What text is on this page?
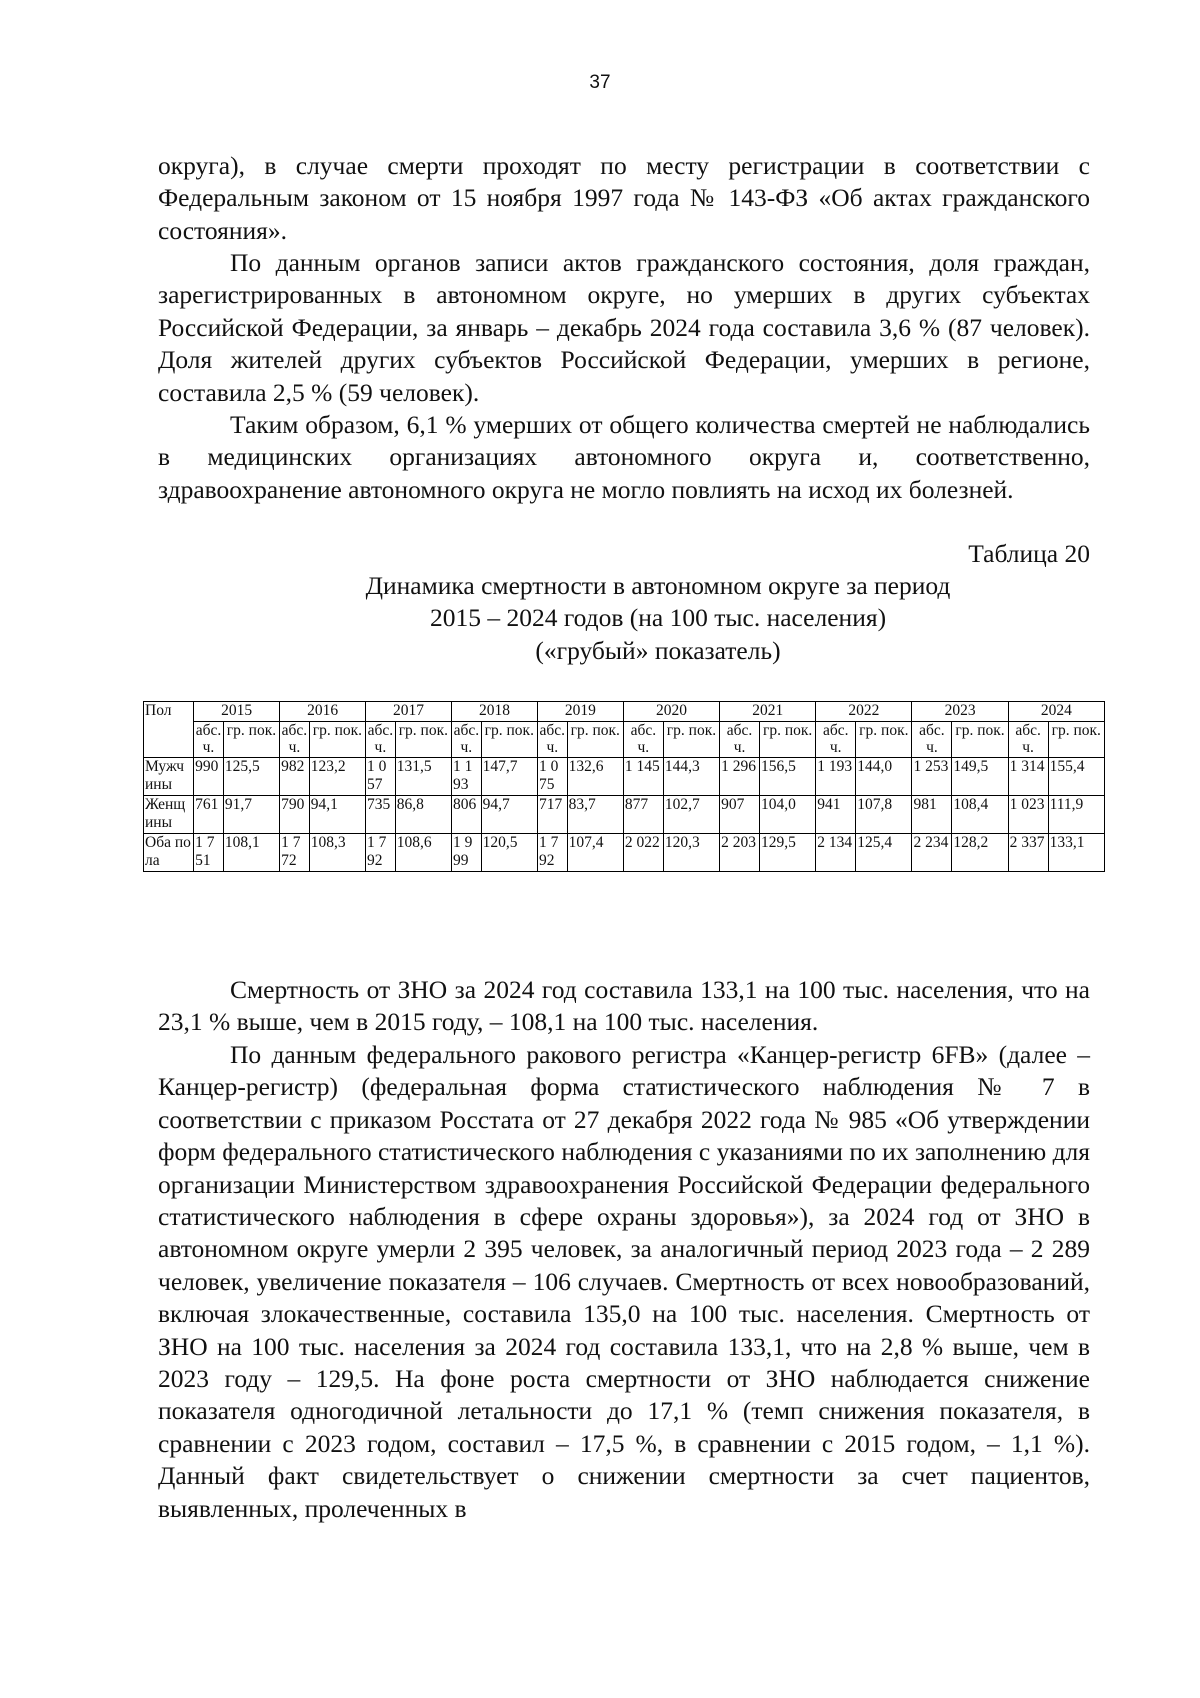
37

округа), в случае смерти проходят по месту регистрации в соответствии с Федеральным законом от 15 ноября 1997 года № 143-ФЗ «Об актах гражданского состояния».

По данным органов записи актов гражданского состояния, доля граждан, зарегистрированных в автономном округе, но умерших в других субъектах Российской Федерации, за январь – декабрь 2024 года составила 3,6 % (87 человек). Доля жителей других субъектов Российской Федерации, умерших в регионе, составила 2,5 % (59 человек).

Таким образом, 6,1 % умерших от общего количества смертей не наблюдались в медицинских организациях автономного округа и, соответственно, здравоохранение автономного округа не могло повлиять на исход их болезней.

Таблица 20

Динамика смертности в автономном округе за период
2015 – 2024 годов (на 100 тыс. населения)
(«грубый» показатель)
Пол	2015		2016		2017		2018		2019		2020		2021		2022		2023		2024	
	абс. ч.	гр. пок.	абс. ч.	гр. пок.	абс. ч.	гр. пок.	абс. ч.	гр. пок.	абс. ч.	гр. пок.	абс. ч.	гр. пок.	абс. ч.	гр. пок.	абс. ч.	гр. пок.	абс. ч.	гр. пок.	абс. ч.	гр. пок.
Мужчины	990	125,5	982	123,2	1 057	131,5	1 193	147,7	1 075	132,6	1 145	144,3	1 296	156,5	1 193	144,0	1 253	149,5	1 314	155,4
Женщины	761	91,7	790	94,1	735	86,8	806	94,7	717	83,7	877	102,7	907	104,0	941	107,8	981	108,4	1 023	111,9
Оба пола	1 751	108,1	1 772	108,3	1 792	108,6	1 999	120,5	1 792	107,4	2 022	120,3	2 203	129,5	2 134	125,4	2 234	128,2	2 337	133,1

Смертность от ЗНО за 2024 год составила 133,1 на 100 тыс. населения, что на 23,1 % выше, чем в 2015 году, – 108,1 на 100 тыс. населения.

По данным федерального ракового регистра «Канцер-регистр 6FB» (далее – Канцер-регистр) (федеральная форма статистического наблюдения № 7 в соответствии с приказом Росстата от 27 декабря 2022 года № 985 «Об утверждении форм федерального статистического наблюдения с указаниями по их заполнению для организации Министерством здравоохранения Российской Федерации федерального статистического наблюдения в сфере охраны здоровья»), за 2024 год от ЗНО в автономном округе умерли 2 395 человек, за аналогичный период 2023 года – 2 289 человек, увеличение показателя – 106 случаев. Смертность от всех новообразований, включая злокачественные, составила 135,0 на 100 тыс. населения. Смертность от ЗНО на 100 тыс. населения за 2024 год составила 133,1, что на 2,8 % выше, чем в 2023 году – 129,5. На фоне роста смертности от ЗНО наблюдается снижение показателя одногодичной летальности до 17,1 % (темп снижения показателя, в сравнении с 2023 годом, составил – 17,5 %, в сравнении с 2015 годом, – 1,1 %). Данный факт свидетельствует о снижении смертности за счет пациентов, выявленных, пролеченных в
